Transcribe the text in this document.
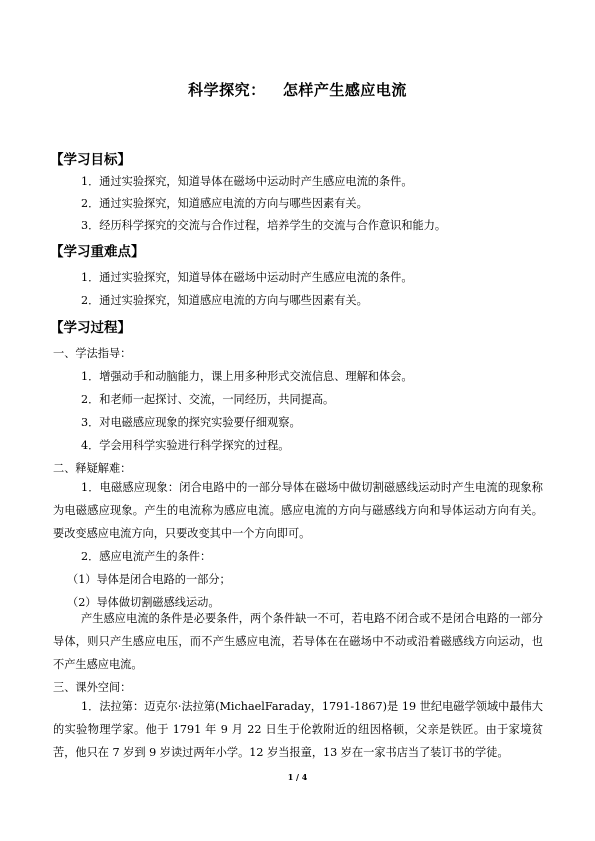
科学探究：   怎样产生感应电流
【学习目标】
1．通过实验探究，知道导体在磁场中运动时产生感应电流的条件。
2．通过实验探究，知道感应电流的方向与哪些因素有关。
3．经历科学探究的交流与合作过程，培养学生的交流与合作意识和能力。
【学习重难点】
1．通过实验探究，知道导体在磁场中运动时产生感应电流的条件。
2．通过实验探究，知道感应电流的方向与哪些因素有关。
【学习过程】
一、学法指导：
1．增强动手和动脑能力，课上用多种形式交流信息、理解和体会。
2．和老师一起探讨、交流，一同经历，共同提高。
3．对电磁感应现象的探究实验要仔细观察。
4．学会用科学实验进行科学探究的过程。
二、释疑解难：
1．电磁感应现象：闭合电路中的一部分导体在磁场中做切割磁感线运动时产生电流的现象称为电磁感应现象。产生的电流称为感应电流。感应电流的方向与磁感线方向和导体运动方向有关。要改变感应电流方向，只要改变其中一个方向即可。
2．感应电流产生的条件：
（1）导体是闭合电路的一部分；
（2）导体做切割磁感线运动。
产生感应电流的条件是必要条件，两个条件缺一不可，若电路不闭合或不是闭合电路的一部分导体，则只产生感应电压，而不产生感应电流，若导体在在磁场中不动或沿着磁感线方向运动，也不产生感应电流。
三、课外空间：
1．法拉第：迈克尔·法拉第(MichaelFaraday，1791-1867)是 19 世纪电磁学领域中最伟大的实验物理学家。他于 1791 年 9 月 22 日生于伦敦附近的纽因格顿，父亲是铁匠。由于家境贫苦，他只在 7 岁到 9 岁读过两年小学。12 岁当报童，13 岁在一家书店当了装订书的学徒。
1 / 4
